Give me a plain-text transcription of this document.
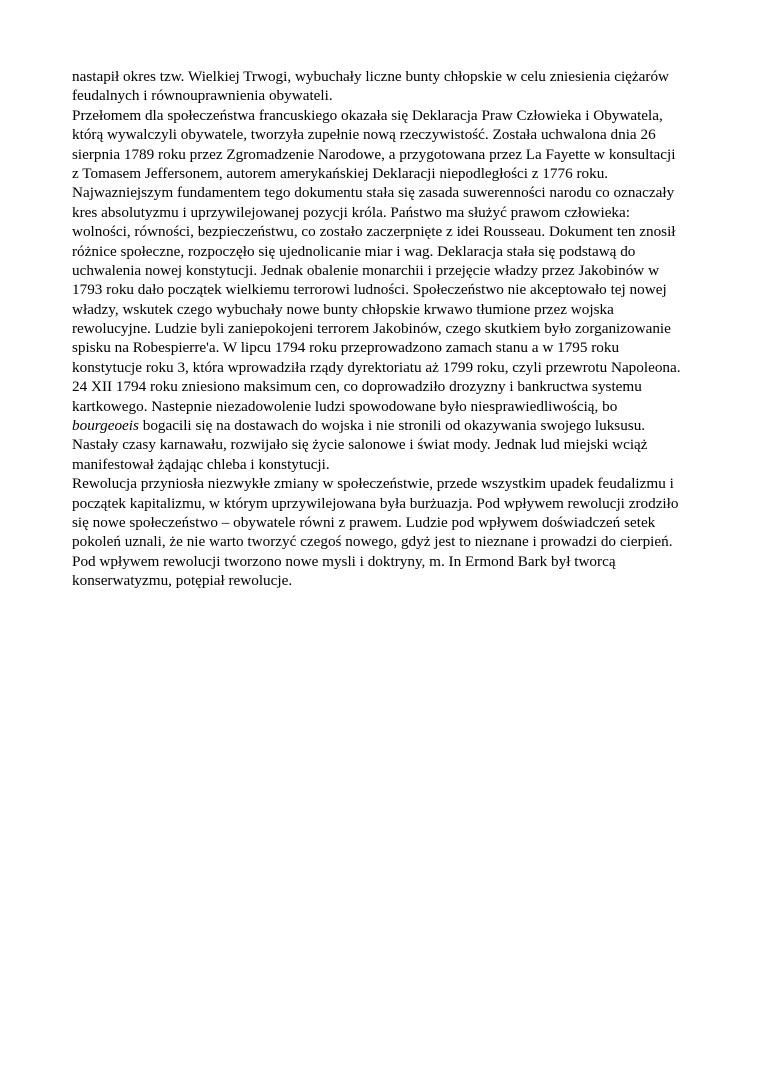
nastapił okres tzw. Wielkiej Trwogi, wybuchały liczne bunty chłopskie w celu zniesienia ciężarów
feudalnych i równouprawnienia obywateli.
Przełomem dla społeczeństwa francuskiego okazała się Deklaracja Praw Człowieka i Obywatela,
którą wywalczyli obywatele, tworzyła zupełnie nową rzeczywistość. Została uchwalona dnia 26
sierpnia 1789 roku przez Zgromadzenie Narodowe, a przygotowana przez La Fayette w konsultacji
z Tomasem Jeffersonem, autorem amerykańskiej Deklaracji niepodległości z 1776 roku.
Najwazniejszym fundamentem tego dokumentu stała się zasada suwerenności narodu co oznaczały
kres absolutyzmu i uprzywilejowanej pozycji króla. Państwo ma służyć prawom człowieka:
wolności, równości, bezpieczeństwu, co zostało zaczerpnięte z idei Rousseau. Dokument ten znosił
różnice społeczne, rozpoczęło się ujednolicanie miar i wag. Deklaracja stała się podstawą do
uchwalenia nowej konstytucji. Jednak obalenie monarchii i przejęcie władzy przez Jakobinów w
1793 roku dało początek wielkiemu terrorowi ludności. Społeczeństwo nie akceptowało tej nowej
władzy, wskutek czego wybuchały nowe bunty chłopskie krwawo tłumione przez wojska
rewolucyjne. Ludzie byli zaniepokojeni terrorem Jakobinów, czego skutkiem było zorganizowanie
spisku na Robespierre'a. W lipcu 1794 roku przeprowadzono zamach stanu a w 1795 roku
konstytucje roku 3, która wprowadziła rządy dyrektoriatu aż 1799 roku, czyli przewrotu Napoleona.
24 XII 1794 roku zniesiono maksimum cen, co doprowadziło drozyzny i bankructwa systemu
kartkowego. Nastepnie niezadowolenie ludzi spowodowane było niesprawiedliwością, bo
bourgeoeis bogacili się na dostawach do wojska i nie stronili od okazywania swojego luksusu.
Nastały czasy karnawału, rozwijało się życie salonowe i świat mody. Jednak lud miejski wciąż
manifestował żądając chleba i konstytucji.
Rewolucja przyniosła niezwykłe zmiany w społeczeństwie, przede wszystkim upadek feudalizmu i
początek kapitalizmu, w którym uprzywilejowana była burżuazja. Pod wpływem rewolucji zrodziło
się nowe społeczeństwo – obywatele równi z prawem. Ludzie pod wpływem doświadczeń setek
pokoleń uznali, że nie warto tworzyć czegoś nowego, gdyż jest to nieznane i prowadzi do cierpień.
Pod wpływem rewolucji tworzono nowe mysli i doktryny, m. In Ermond Bark był tworcą
konserwatyzmu, potępiał rewolucje.
